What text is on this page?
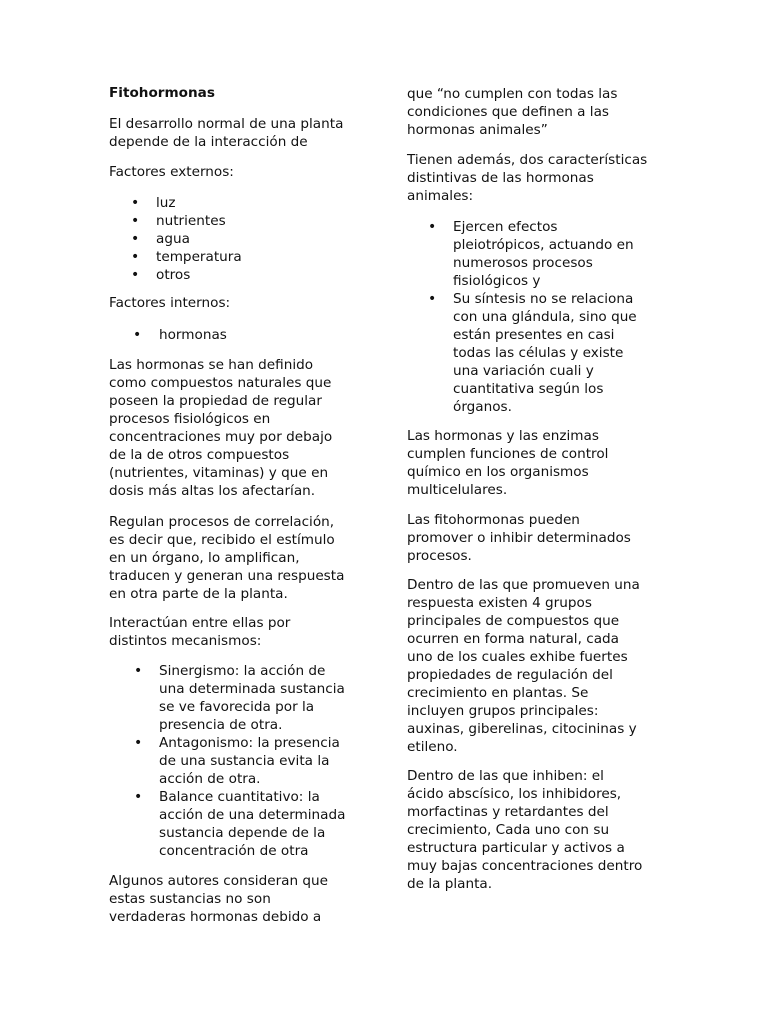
Fitohormonas

El desarrollo normal de una planta
depende de la interacción de

Factores externos:

• luz
• nutrientes
• agua
• temperatura
• otros

Factores internos:

• hormonas

Las hormonas se han definido
como compuestos naturales que
poseen la propiedad de regular
procesos fisiológicos en
concentraciones muy por debajo
de la de otros compuestos
(nutrientes, vitaminas) y que en
dosis más altas los afectarían.

Regulan procesos de correlación,
es decir que, recibido el estímulo
en un órgano, lo amplifican,
traducen y generan una respuesta
en otra parte de la planta.

Interactúan entre ellas por
distintos mecanismos:

• Sinergismo: la acción de
una determinada sustancia
se ve favorecida por la
presencia de otra.
• Antagonismo: la presencia
de una sustancia evita la
acción de otra.
• Balance cuantitativo: la
acción de una determinada
sustancia depende de la
concentración de otra

Algunos autores consideran que
estas sustancias no son
verdaderas hormonas debido a

que “no cumplen con todas las
condiciones que definen a las
hormonas animales”

Tienen además, dos características
distintivas de las hormonas
animales:

• Ejercen efectos
pleiotrópicos, actuando en
numerosos procesos
fisiológicos y
• Su síntesis no se relaciona
con una glándula, sino que
están presentes en casi
todas las células y existe
una variación cuali y
cuantitativa según los
órganos.

Las hormonas y las enzimas
cumplen funciones de control
químico en los organismos
multicelulares.

Las fitohormonas pueden
promover o inhibir determinados
procesos.

Dentro de las que promueven una
respuesta existen 4 grupos
principales de compuestos que
ocurren en forma natural, cada
uno de los cuales exhibe fuertes
propiedades de regulación del
crecimiento en plantas. Se
incluyen grupos principales:
auxinas, giberelinas, citocininas y
etileno.

Dentro de las que inhiben: el
ácido abscísico, los inhibidores,
morfactinas y retardantes del
crecimiento, Cada uno con su
estructura particular y activos a
muy bajas concentraciones dentro
de la planta.
